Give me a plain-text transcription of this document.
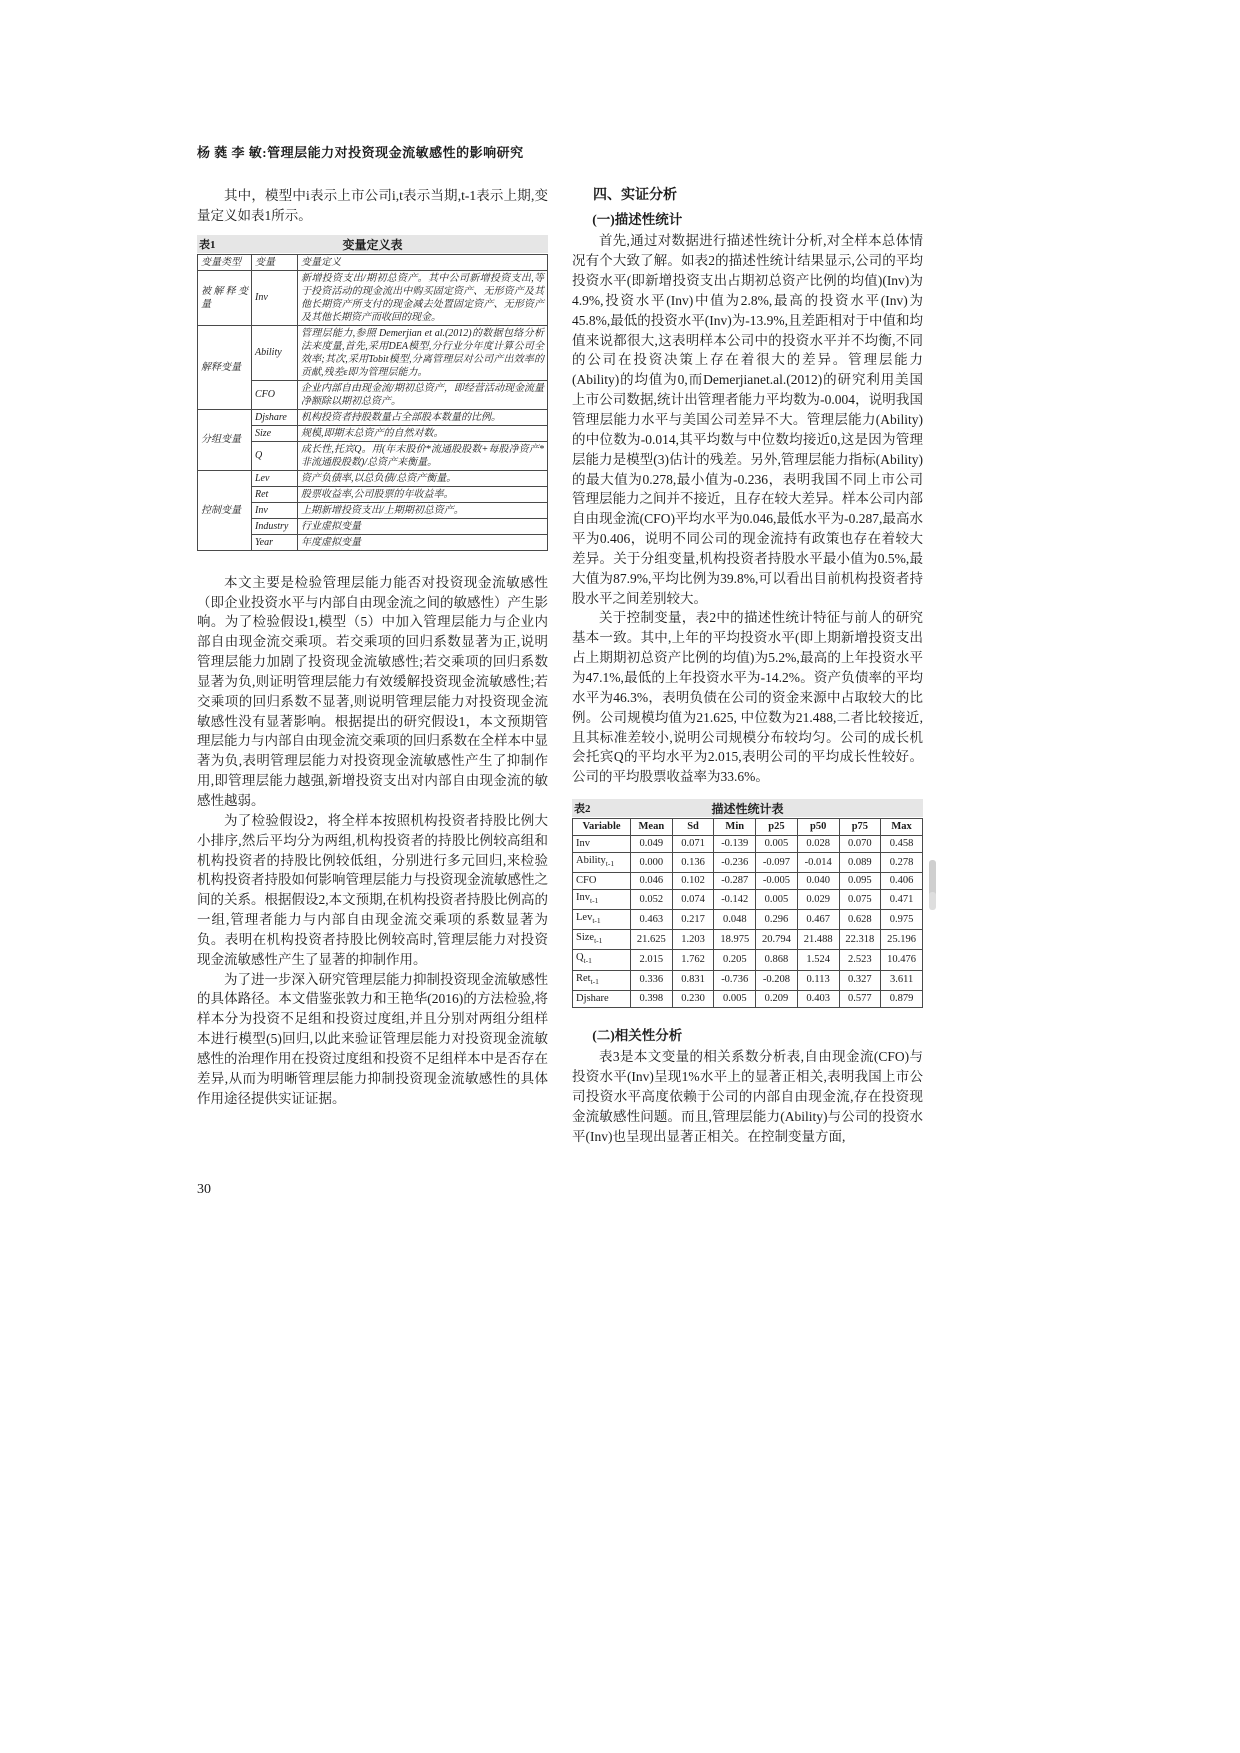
杨 蕤 李 敏:管理层能力对投资现金流敏感性的影响研究

其中，模型中i表示上市公司i,t表示当期,t-1表示上期,变量定义如表1所示。

表1	变量定义表
变量类型	变量	变量定义
被解释变量	Inv	新增投资支出/期初总资产。其中公司新增投资支出,等于投资活动的现金流出中购买固定资产、无形资产及其他长期资产所支付的现金减去处置固定资产、无形资产及其他长期资产而收回的现金。
解释变量	Ability	管理层能力,参照 Demerjian et al.(2012)的数据包络分析法来度量,首先,采用DEA模型,分行业分年度计算公司全效率;其次,采用Tobit模型,分离管理层对公司产出效率的贡献,残差ε即为管理层能力。
	CFO	企业内部自由现金流/期初总资产，即经营活动现金流量净额除以期初总资产。
分组变量	Djshare	机构投资者持股数量占全部股本数量的比例。
	Size	规模,即期末总资产的自然对数。
	Q	成长性,托宾Q。用(年末股价*流通股股数+每股净资产*非流通股股数)/总资产来衡量。
控制变量	Lev	资产负债率,以总负债/总资产衡量。
	Ret	股票收益率,公司股票的年收益率。
	Inv	上期新增投资支出/上期期初总资产。
	Industry	行业虚拟变量
	Year	年度虚拟变量

本文主要是检验管理层能力能否对投资现金流敏感性（即企业投资水平与内部自由现金流之间的敏感性）产生影响。为了检验假设1,模型（5）中加入管理层能力与企业内部自由现金流交乘项。若交乘项的回归系数显著为正,说明管理层能力加剧了投资现金流敏感性;若交乘项的回归系数显著为负,则证明管理层能力有效缓解投资现金流敏感性;若交乘项的回归系数不显著,则说明管理层能力对投资现金流敏感性没有显著影响。根据提出的研究假设1，本文预期管理层能力与内部自由现金流交乘项的回归系数在全样本中显著为负,表明管理层能力对投资现金流敏感性产生了抑制作用,即管理层能力越强,新增投资支出对内部自由现金流的敏感性越弱。

为了检验假设2，将全样本按照机构投资者持股比例大小排序,然后平均分为两组,机构投资者的持股比例较高组和机构投资者的持股比例较低组，分别进行多元回归,来检验机构投资者持股如何影响管理层能力与投资现金流敏感性之间的关系。根据假设2,本文预期,在机构投资者持股比例高的一组,管理者能力与内部自由现金流交乘项的系数显著为负。表明在机构投资者持股比例较高时,管理层能力对投资现金流敏感性产生了显著的抑制作用。

为了进一步深入研究管理层能力抑制投资现金流敏感性的具体路径。本文借鉴张敦力和王艳华(2016)的方法检验,将样本分为投资不足组和投资过度组,并且分别对两组分组样本进行模型(5)回归,以此来验证管理层能力对投资现金流敏感性的治理作用在投资过度组和投资不足组样本中是否存在差异,从而为明晰管理层能力抑制投资现金流敏感性的具体作用途径提供实证证据。

四、实证分析
(一)描述性统计

首先,通过对数据进行描述性统计分析,对全样本总体情况有个大致了解。如表2的描述性统计结果显示,公司的平均投资水平(即新增投资支出占期初总资产比例的均值)(Inv)为4.9%,投资水平(Inv)中值为2.8%,最高的投资水平(Inv)为45.8%,最低的投资水平(Inv)为-13.9%,且差距相对于中值和均值来说都很大,这表明样本公司中的投资水平并不均衡,不同的公司在投资决策上存在着很大的差异。管理层能力(Ability)的均值为0,而Demerjianet.al.(2012)的研究利用美国上市公司数据,统计出管理者能力平均数为-0.004，说明我国管理层能力水平与美国公司差异不大。管理层能力(Ability)的中位数为-0.014,其平均数与中位数均接近0,这是因为管理层能力是模型(3)估计的残差。另外,管理层能力指标(Ability)的最大值为0.278,最小值为-0.236，表明我国不同上市公司管理层能力之间并不接近，且存在较大差异。样本公司内部自由现金流(CFO)平均水平为0.046,最低水平为-0.287,最高水平为0.406，说明不同公司的现金流持有政策也存在着较大差异。关于分组变量,机构投资者持股水平最小值为0.5%,最大值为87.9%,平均比例为39.8%,可以看出目前机构投资者持股水平之间差别较大。

关于控制变量，表2中的描述性统计特征与前人的研究基本一致。其中,上年的平均投资水平(即上期新增投资支出占上期期初总资产比例的均值)为5.2%,最高的上年投资水平为47.1%,最低的上年投资水平为-14.2%。资产负债率的平均水平为46.3%，表明负债在公司的资金来源中占取较大的比例。公司规模均值为21.625, 中位数为21.488,二者比较接近,且其标准差较小,说明公司规模分布较均匀。公司的成长机会托宾Q的平均水平为2.015,表明公司的平均成长性较好。公司的平均股票收益率为33.6%。

表2	描述性统计表
Variable	Mean	Sd	Min	p25	p50	p75	Max
Inv	0.049	0.071	-0.139	0.005	0.028	0.070	0.458
Ability$_{t-1}$	0.000	0.136	-0.236	-0.097	-0.014	0.089	0.278
CFO	0.046	0.102	-0.287	-0.005	0.040	0.095	0.406
Inv$_{t-1}$	0.052	0.074	-0.142	0.005	0.029	0.075	0.471
Lev$_{t-1}$	0.463	0.217	0.048	0.296	0.467	0.628	0.975
Size$_{t-1}$	21.625	1.203	18.975	20.794	21.488	22.318	25.196
$Q_{t-1}$	2.015	1.762	0.205	0.868	1.524	2.523	10.476
Ret$_{t-1}$	0.336	0.831	-0.736	-0.208	0.113	0.327	3.611
Djshare	0.398	0.230	0.005	0.209	0.403	0.577	0.879
(二)相关性分析

表3是本文变量的相关系数分析表,自由现金流(CFO)与投资水平(Inv)呈现1%水平上的显著正相关,表明我国上市公司投资水平高度依赖于公司的内部自由现金流,存在投资现金流敏感性问题。而且,管理层能力(Ability)与公司的投资水平(Inv)也呈现出显著正相关。在控制变量方面,

30
